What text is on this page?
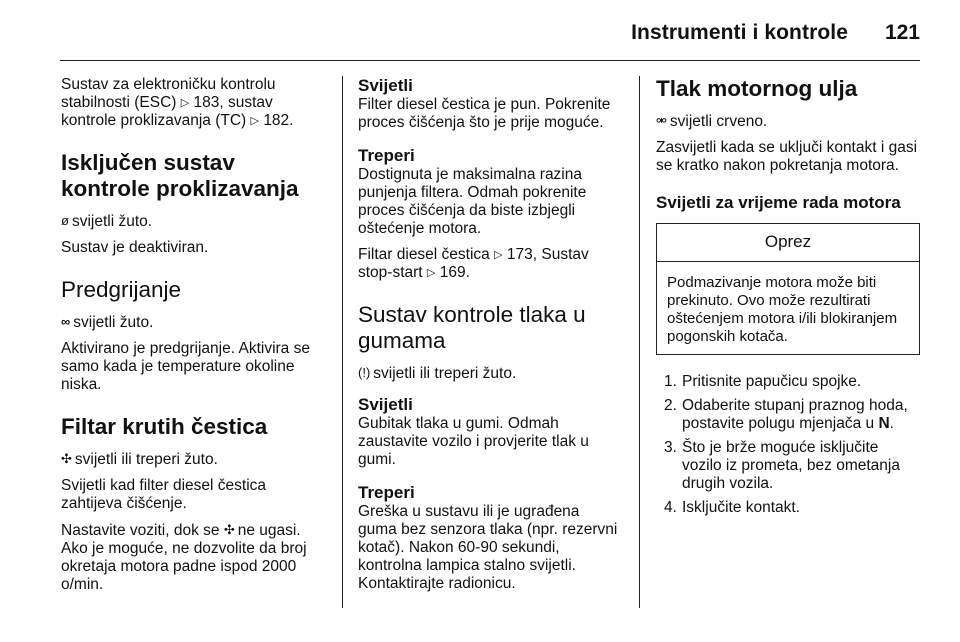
Instrumenti i kontrole 121

Sustav za elektroničku kontrolu
stabilnosti (ESC) ▷ 183, sustav
kontrole proklizavanja (TC) ▷ 182.

Isključen sustav kontrole proklizavanja

ø svijetli žuto.

Sustav je deaktiviran.

Predgrijanje

∞ svijetli žuto.

Aktivirano je predgrijanje. Aktivira se samo kada je temperature okoline niska.

Filtar krutih čestica

✣ svijetli ili treperi žuto.

Svijetli kad filter diesel čestica zahtijeva čišćenje.

Nastavite voziti, dok se ✣ ne ugasi. Ako je moguće, ne dozvolite da broj okretaja motora padne ispod 2000 o/min.

Svijetli

Filter diesel čestica je pun. Pokrenite proces čišćenja što je prije moguće.

Treperi

Dostignuta je maksimalna razina punjenja filtera. Odmah pokrenite proces čišćenja da biste izbjegli oštećenje motora.

Filtar diesel čestica ▷ 173, Sustav
stop-start ▷ 169.

Sustav kontrole tlaka u gumama

(!) svijetli ili treperi žuto.

Svijetli

Gubitak tlaka u gumi. Odmah zaustavite vozilo i provjerite tlak u gumi.

Treperi

Greška u sustavu ili je ugrađena guma bez senzora tlaka (npr. rezervni kotač). Nakon 60-90 sekundi, kontrolna lampica stalno svijetli. Kontaktirajte radionicu.

Tlak motornog ulja

⚮ svijetli crveno.

Zasvijetli kada se uključi kontakt i gasi se kratko nakon pokretanja motora.

Svijetli za vrijeme rada motora
Oprez
Podmazivanje motora može biti prekinuto. Ovo može rezultirati oštećenjem motora i/ili blokiranjem pogonskih kotača.
1. Pritisnite papučicu spojke.
2. Odaberite stupanj praznog hoda, postavite polugu mjenjača u N.
3. Što je brže moguće isključite vozilo iz prometa, bez ometanja drugih vozila.
4. Isključite kontakt.
